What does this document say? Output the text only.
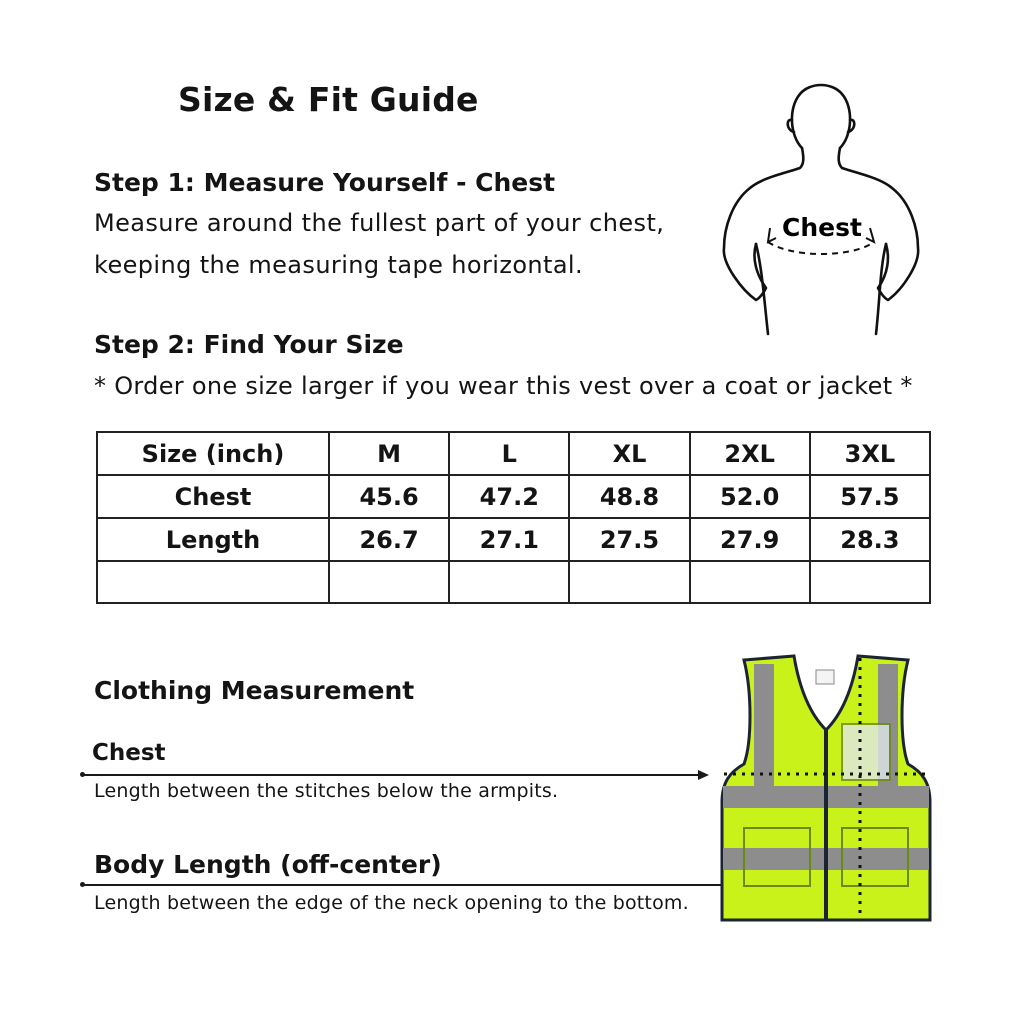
Size & Fit Guide
Step 1: Measure Yourself - Chest
Measure around the fullest part of your chest,
keeping the measuring tape horizontal.
Chest
Step 2: Find Your Size
* Order one size larger if you wear this vest over a coat or jacket *
Size (inch)	M	L	XL	2XL	3XL
Chest	45.6	47.2	48.8	52.0	57.5
Length	26.7	27.1	27.5	27.9	28.3

Clothing Measurement
Chest
Length between the stitches below the armpits.
Body Length (off-center)
Length between the edge of the neck opening to the bottom.
